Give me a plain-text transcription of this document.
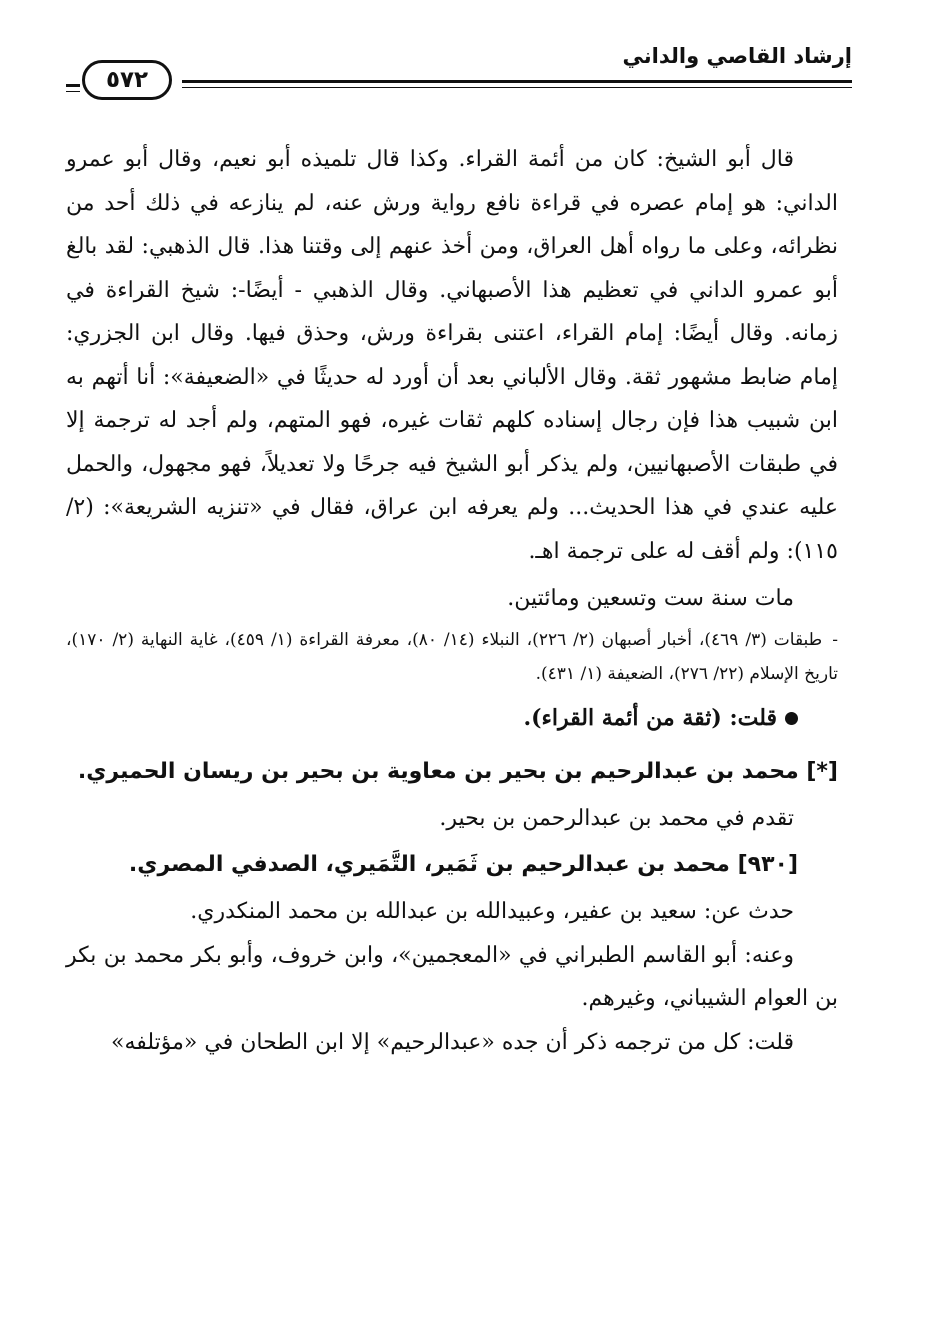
إرشاد القاصي والداني
٥٧٢

قال أبو الشيخ: كان من أئمة القراء. وكذا قال تلميذه أبو نعيم، وقال أبو عمرو الداني: هو إمام عصره في قراءة نافع رواية ورش عنه، لم ينازعه في ذلك أحد من نظرائه، وعلى ما رواه أهل العراق، ومن أخذ عنهم إلى وقتنا هذا. قال الذهبي: لقد بالغ أبو عمرو الداني في تعظيم هذا الأصبهاني. وقال الذهبي - أيضًا-: شيخ القراءة في زمانه. وقال أيضًا: إمام القراء، اعتنى بقراءة ورش، وحذق فيها. وقال ابن الجزري: إمام ضابط مشهور ثقة. وقال الألباني بعد أن أورد له حديثًا في «الضعيفة»: أنا أتهم به ابن شبيب هذا فإن رجال إسناده كلهم ثقات غيره، فهو المتهم، ولم أجد له ترجمة إلا في طبقات الأصبهانيين، ولم يذكر أبو الشيخ فيه جرحًا ولا تعديلاً، فهو مجهول، والحمل عليه عندي في هذا الحديث... ولم يعرفه ابن عراق، فقال في «تنزيه الشريعة»: (٢/ ١١٥): ولم أقف له على ترجمة اهـ.

مات سنة ست وتسعين ومائتين.

-طبقات (٣/ ٤٦٩)، أخبار أصبهان (٢/ ٢٢٦)، النبلاء (١٤/ ٨٠)، معرفة القراءة (١/ ٤٥٩)، غاية النهاية (٢/ ١٧٠)، تاريخ الإسلام (٢٢/ ٢٧٦)، الضعيفة (١/ ٤٣١).

قلت: (ثقة من أئمة القراء).

[*] محمد بن عبدالرحيم بن بحير بن معاوية بن بحير بن ريسان الحميري.

تقدم في محمد بن عبدالرحمن بن بحير.

[٩٣٠] محمد بن عبدالرحيم بن ثَمَير، التَّمَيري، الصدفي المصري.

حدث عن: سعيد بن عفير، وعبيدالله بن عبدالله بن محمد المنكدري.

وعنه: أبو القاسم الطبراني في «المعجمين»، وابن خروف، وأبو بكر محمد بن بكر بن العوام الشيباني، وغيرهم.

قلت: كل من ترجمه ذكر أن جده «عبدالرحيم» إلا ابن الطحان في «مؤتلفه»
